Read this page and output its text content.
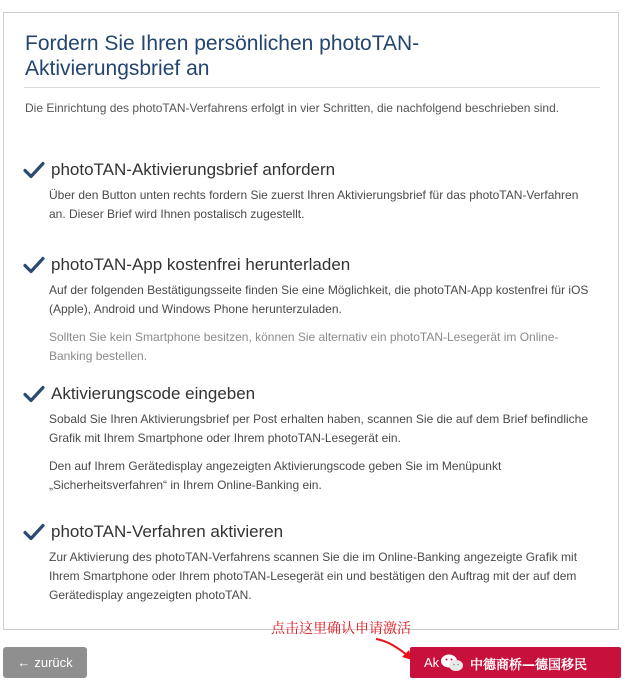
Fordern Sie Ihren persönlichen photoTAN-Aktivierungsbrief an
Die Einrichtung des photoTAN-Verfahrens erfolgt in vier Schritten, die nachfolgend beschrieben sind.
photoTAN-Aktivierungsbrief anfordern
Über den Button unten rechts fordern Sie zuerst Ihren Aktivierungsbrief für das photoTAN-Verfahren an. Dieser Brief wird Ihnen postalisch zugestellt.
photoTAN-App kostenfrei herunterladen
Auf der folgenden Bestätigungsseite finden Sie eine Möglichkeit, die photoTAN-App kostenfrei für iOS (Apple), Android und Windows Phone herunterzuladen.
Sollten Sie kein Smartphone besitzen, können Sie alternativ ein photoTAN-Lesegerät im Online-Banking bestellen.
Aktivierungscode eingeben
Sobald Sie Ihren Aktivierungsbrief per Post erhalten haben, scannen Sie die auf dem Brief befindliche Grafik mit Ihrem Smartphone oder Ihrem photoTAN-Lesegerät ein.
Den auf Ihrem Gerätedisplay angezeigten Aktivierungscode geben Sie im Menüpunkt „Sicherheitsverfahren“ in Ihrem Online-Banking ein.
photoTAN-Verfahren aktivieren
Zur Aktivierung des photoTAN-Verfahrens scannen Sie die im Online-Banking angezeigte Grafik mit Ihrem Smartphone oder Ihrem photoTAN-Lesegerät ein und bestätigen den Auftrag mit der auf dem Gerätedisplay angezeigten photoTAN.
点击这里确认申请激活
← zurück	Ak 中德商桥—德国移民
